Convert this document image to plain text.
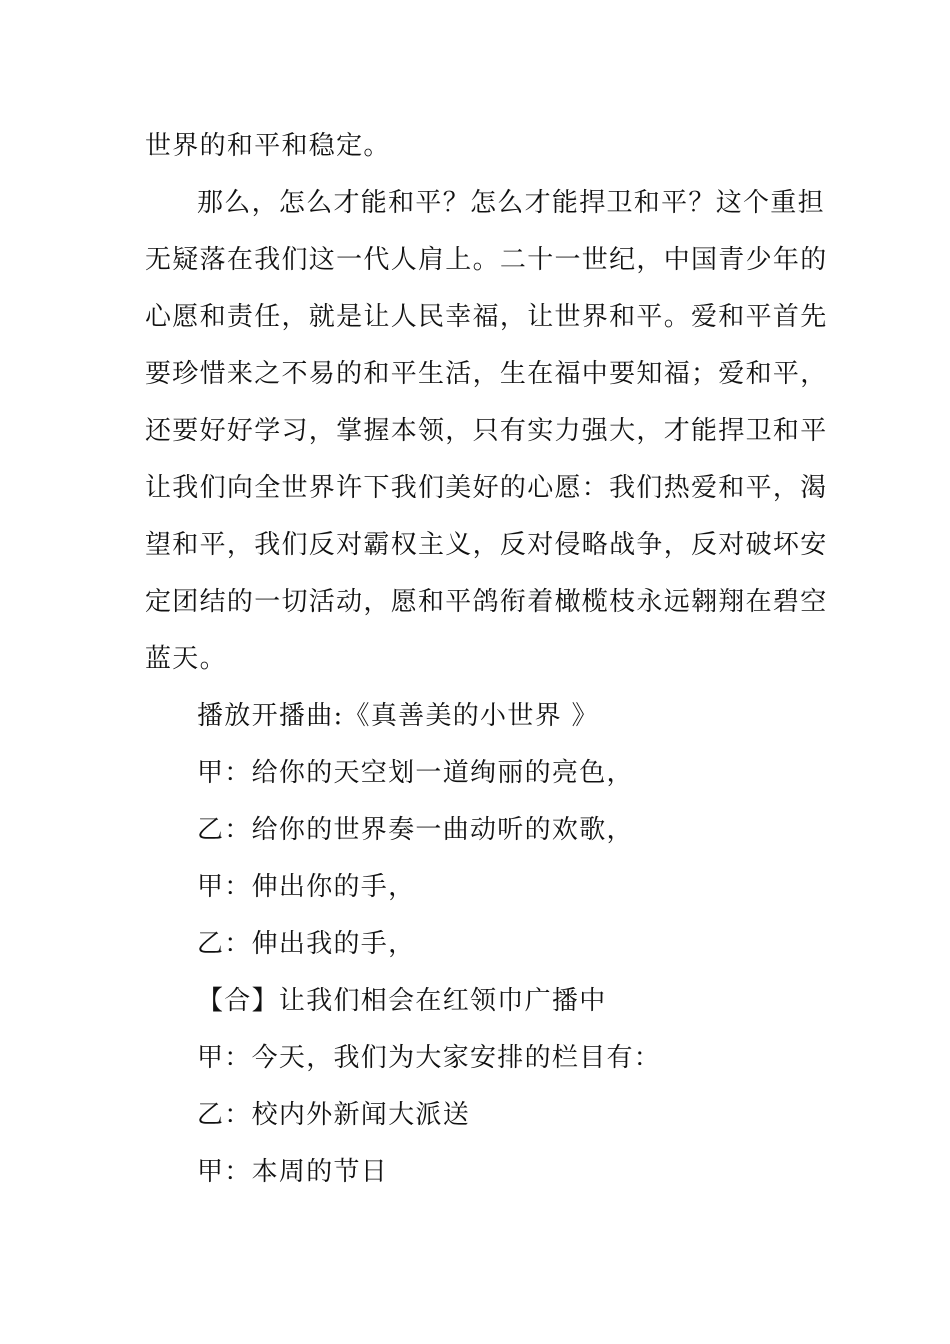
世界的和平和稳定。
那么，怎么才能和平？怎么才能捍卫和平？这个重担
无疑落在我们这一代人肩上。二十一世纪，中国青少年的
心愿和责任，就是让人民幸福，让世界和平。爱和平首先
要珍惜来之不易的和平生活，生在福中要知福；爱和平，
还要好好学习，掌握本领，只有实力强大，才能捍卫和平
让我们向全世界许下我们美好的心愿：我们热爱和平，渴
望和平，我们反对霸权主义，反对侵略战争，反对破坏安
定团结的一切活动，愿和平鸽衔着橄榄枝永远翱翔在碧空
蓝天。
播放开播曲:《真善美的小世界 》
甲：给你的天空划一道绚丽的亮色，
乙：给你的世界奏一曲动听的欢歌，
甲：伸出你的手，
乙：伸出我的手，
【合】让我们相会在红领巾广播中
甲：今天，我们为大家安排的栏目有：
乙：校内外新闻大派送
甲：本周的节日
